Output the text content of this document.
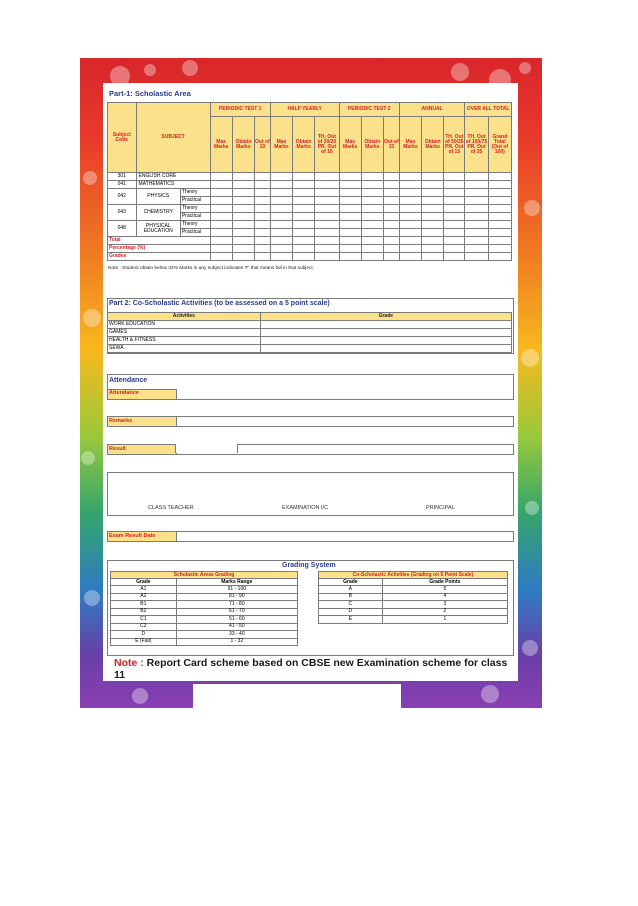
Part-1: Scholastic Area
Subject Code	SUBJECT		PERIODIC TEST 1			HALF YEARLY			PERIODIC TEST 2			ANNUAL			OVER ALL TOTAL	
			Max Marks	Obtain Marks	Out of 10	Max Marks	Obtain Marks	TH. Out of 30/20 PR. Out of 10	Max Marks	Obtain Marks	Out of 10	Max Marks	Obtain Marks	TH. Out of 50/35 PR. Out of 15	TH. Out of 100/75 PR. Out of 25	Grand Total (Out of 100)
301	ENGLISH CORE															
041	MATHEMATICS															
042	PHYSICS	Theory														
		Practical														
043	CHEMISTRY	Theory														
		Practical														
048	PHYSICAL EDUCATION	Theory														
		Practical														
Total																
Percentage (%)																
Grades																
Note : Student obtain below 33% Marks in any subject indicates 'F' that means fail in that subject
Part 2: Co-Scholastic Activities (to be assessed on a 5 point scale)
Activities	Grade
WORK EDUCATION	
GAMES	
HEALTH & FITNESS	
SEWA	
Attendance
Attendance
Remarks
Result
CLASS TEACHER	EXAMINATION I/C	PRINCIPAL
Exam Result Date
Grading System
Scholastic Areas Grading	
Grade	Marks Range
A1	91 - 100
A2	81 - 90
B1	71 - 80
B2	61 - 70
C1	51 - 60
C2	41 - 50
D	33 - 40
E (Fail)	1 - 32
Co-Scholastic Activities (Grading on 5 Point Scale)	
Grade	Grade Points
A	5
B	4
C	3
D	2
E	1
Note : Report Card scheme based on CBSE new Examination scheme for class 11
